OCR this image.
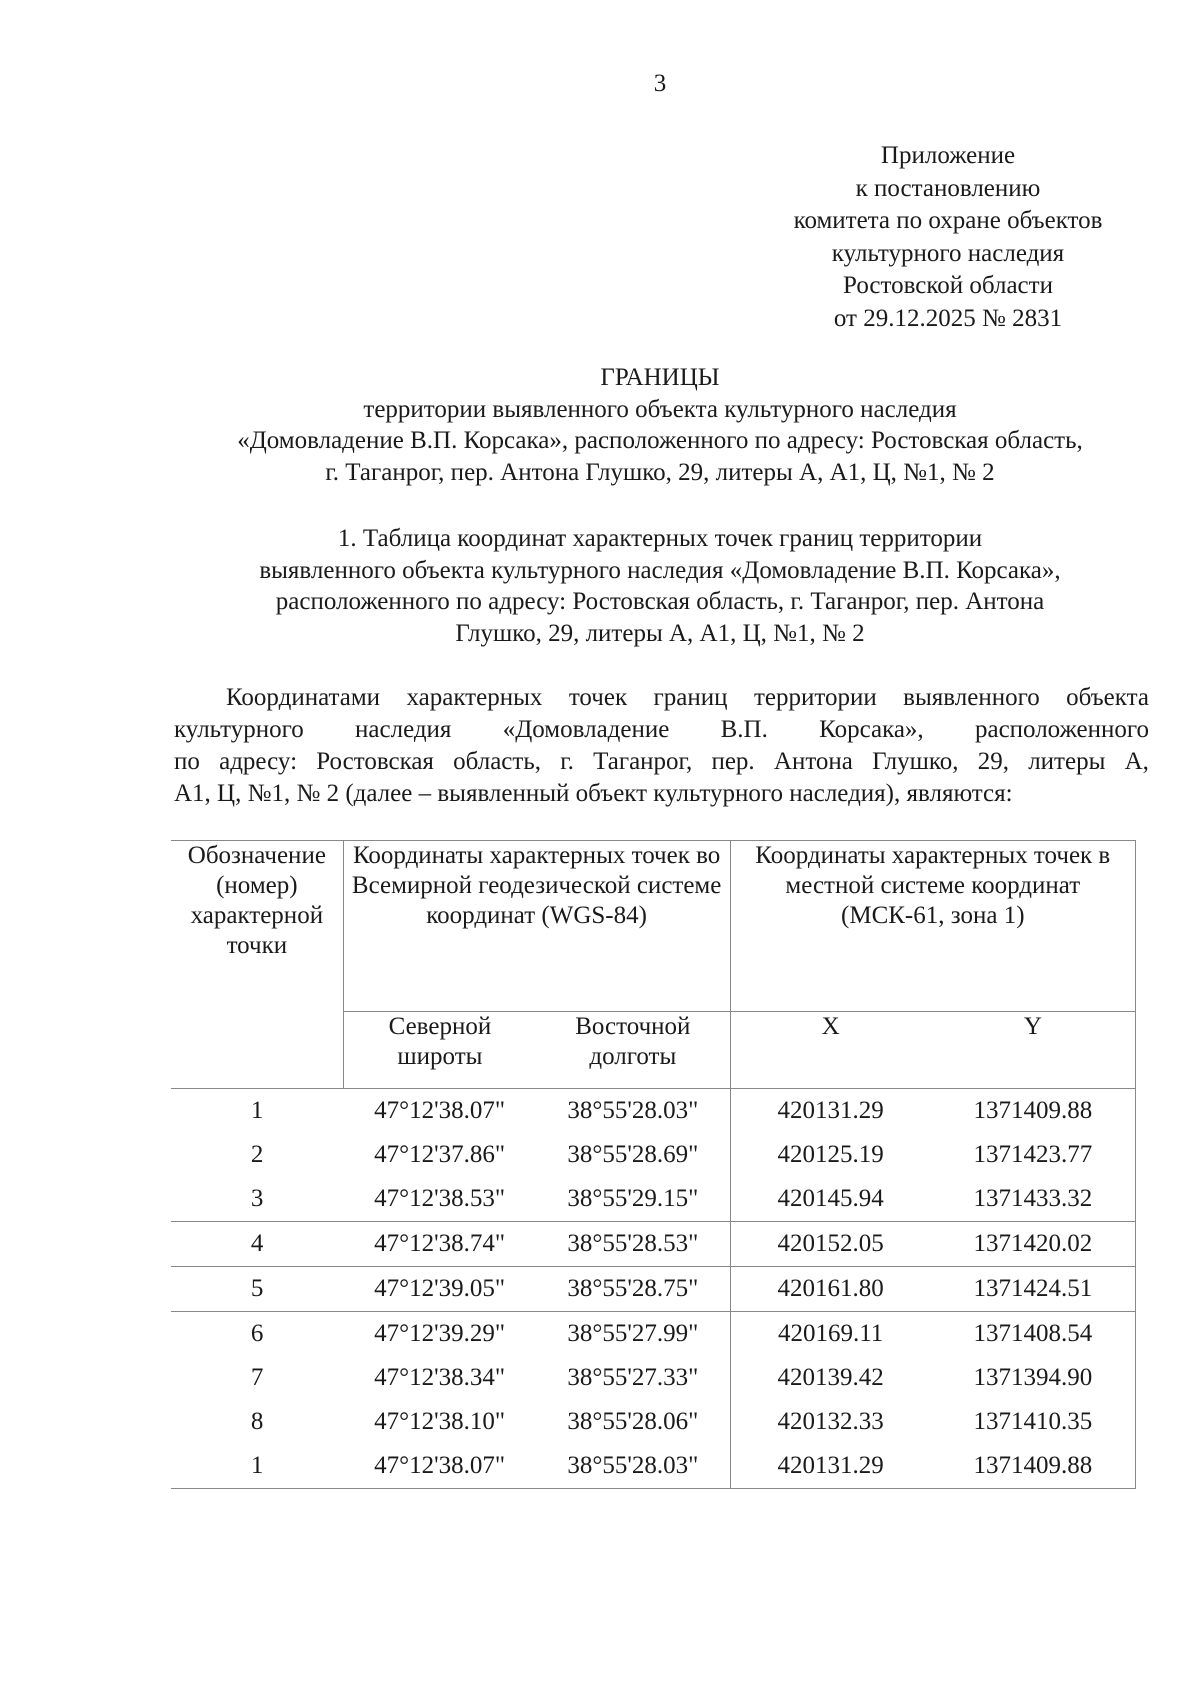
3
Приложение
к постановлению
комитета по охране объектов
культурного наследия
Ростовской области
от 29.12.2025 № 2831
ГРАНИЦЫ
территории выявленного объекта культурного наследия
«Домовладение В.П. Корсака», расположенного по адресу: Ростовская область,
г. Таганрог, пер. Антона Глушко, 29, литеры А, А1, Ц, №1, № 2
1. Таблица координат характерных точек границ территории
выявленного объекта культурного наследия «Домовладение В.П. Корсака»,
расположенного по адресу: Ростовская область, г. Таганрог, пер. Антона
Глушко, 29, литеры А, А1, Ц, №1, № 2
Координатами характерных точек границ территории выявленного объекта
культурного наследия «Домовладение В.П. Корсака», расположенного
по адресу: Ростовская область, г. Таганрог, пер. Антона Глушко, 29, литеры А,
А1, Ц, №1, № 2 (далее – выявленный объект культурного наследия), являются:
Обозначение (номер) характерной точки	Координаты характерных точек во Всемирной геодезической системе координат (WGS-84)		Координаты характерных точек в местной системе координат (МСК-61, зона 1)	
	Северной широты	Восточной долготы	X	Y
1	47°12'38.07"	38°55'28.03"	420131.29	1371409.88
2	47°12'37.86"	38°55'28.69"	420125.19	1371423.77
3	47°12'38.53"	38°55'29.15"	420145.94	1371433.32
4	47°12'38.74"	38°55'28.53"	420152.05	1371420.02
5	47°12'39.05"	38°55'28.75"	420161.80	1371424.51
6	47°12'39.29"	38°55'27.99"	420169.11	1371408.54
7	47°12'38.34"	38°55'27.33"	420139.42	1371394.90
8	47°12'38.10"	38°55'28.06"	420132.33	1371410.35
1	47°12'38.07"	38°55'28.03"	420131.29	1371409.88
